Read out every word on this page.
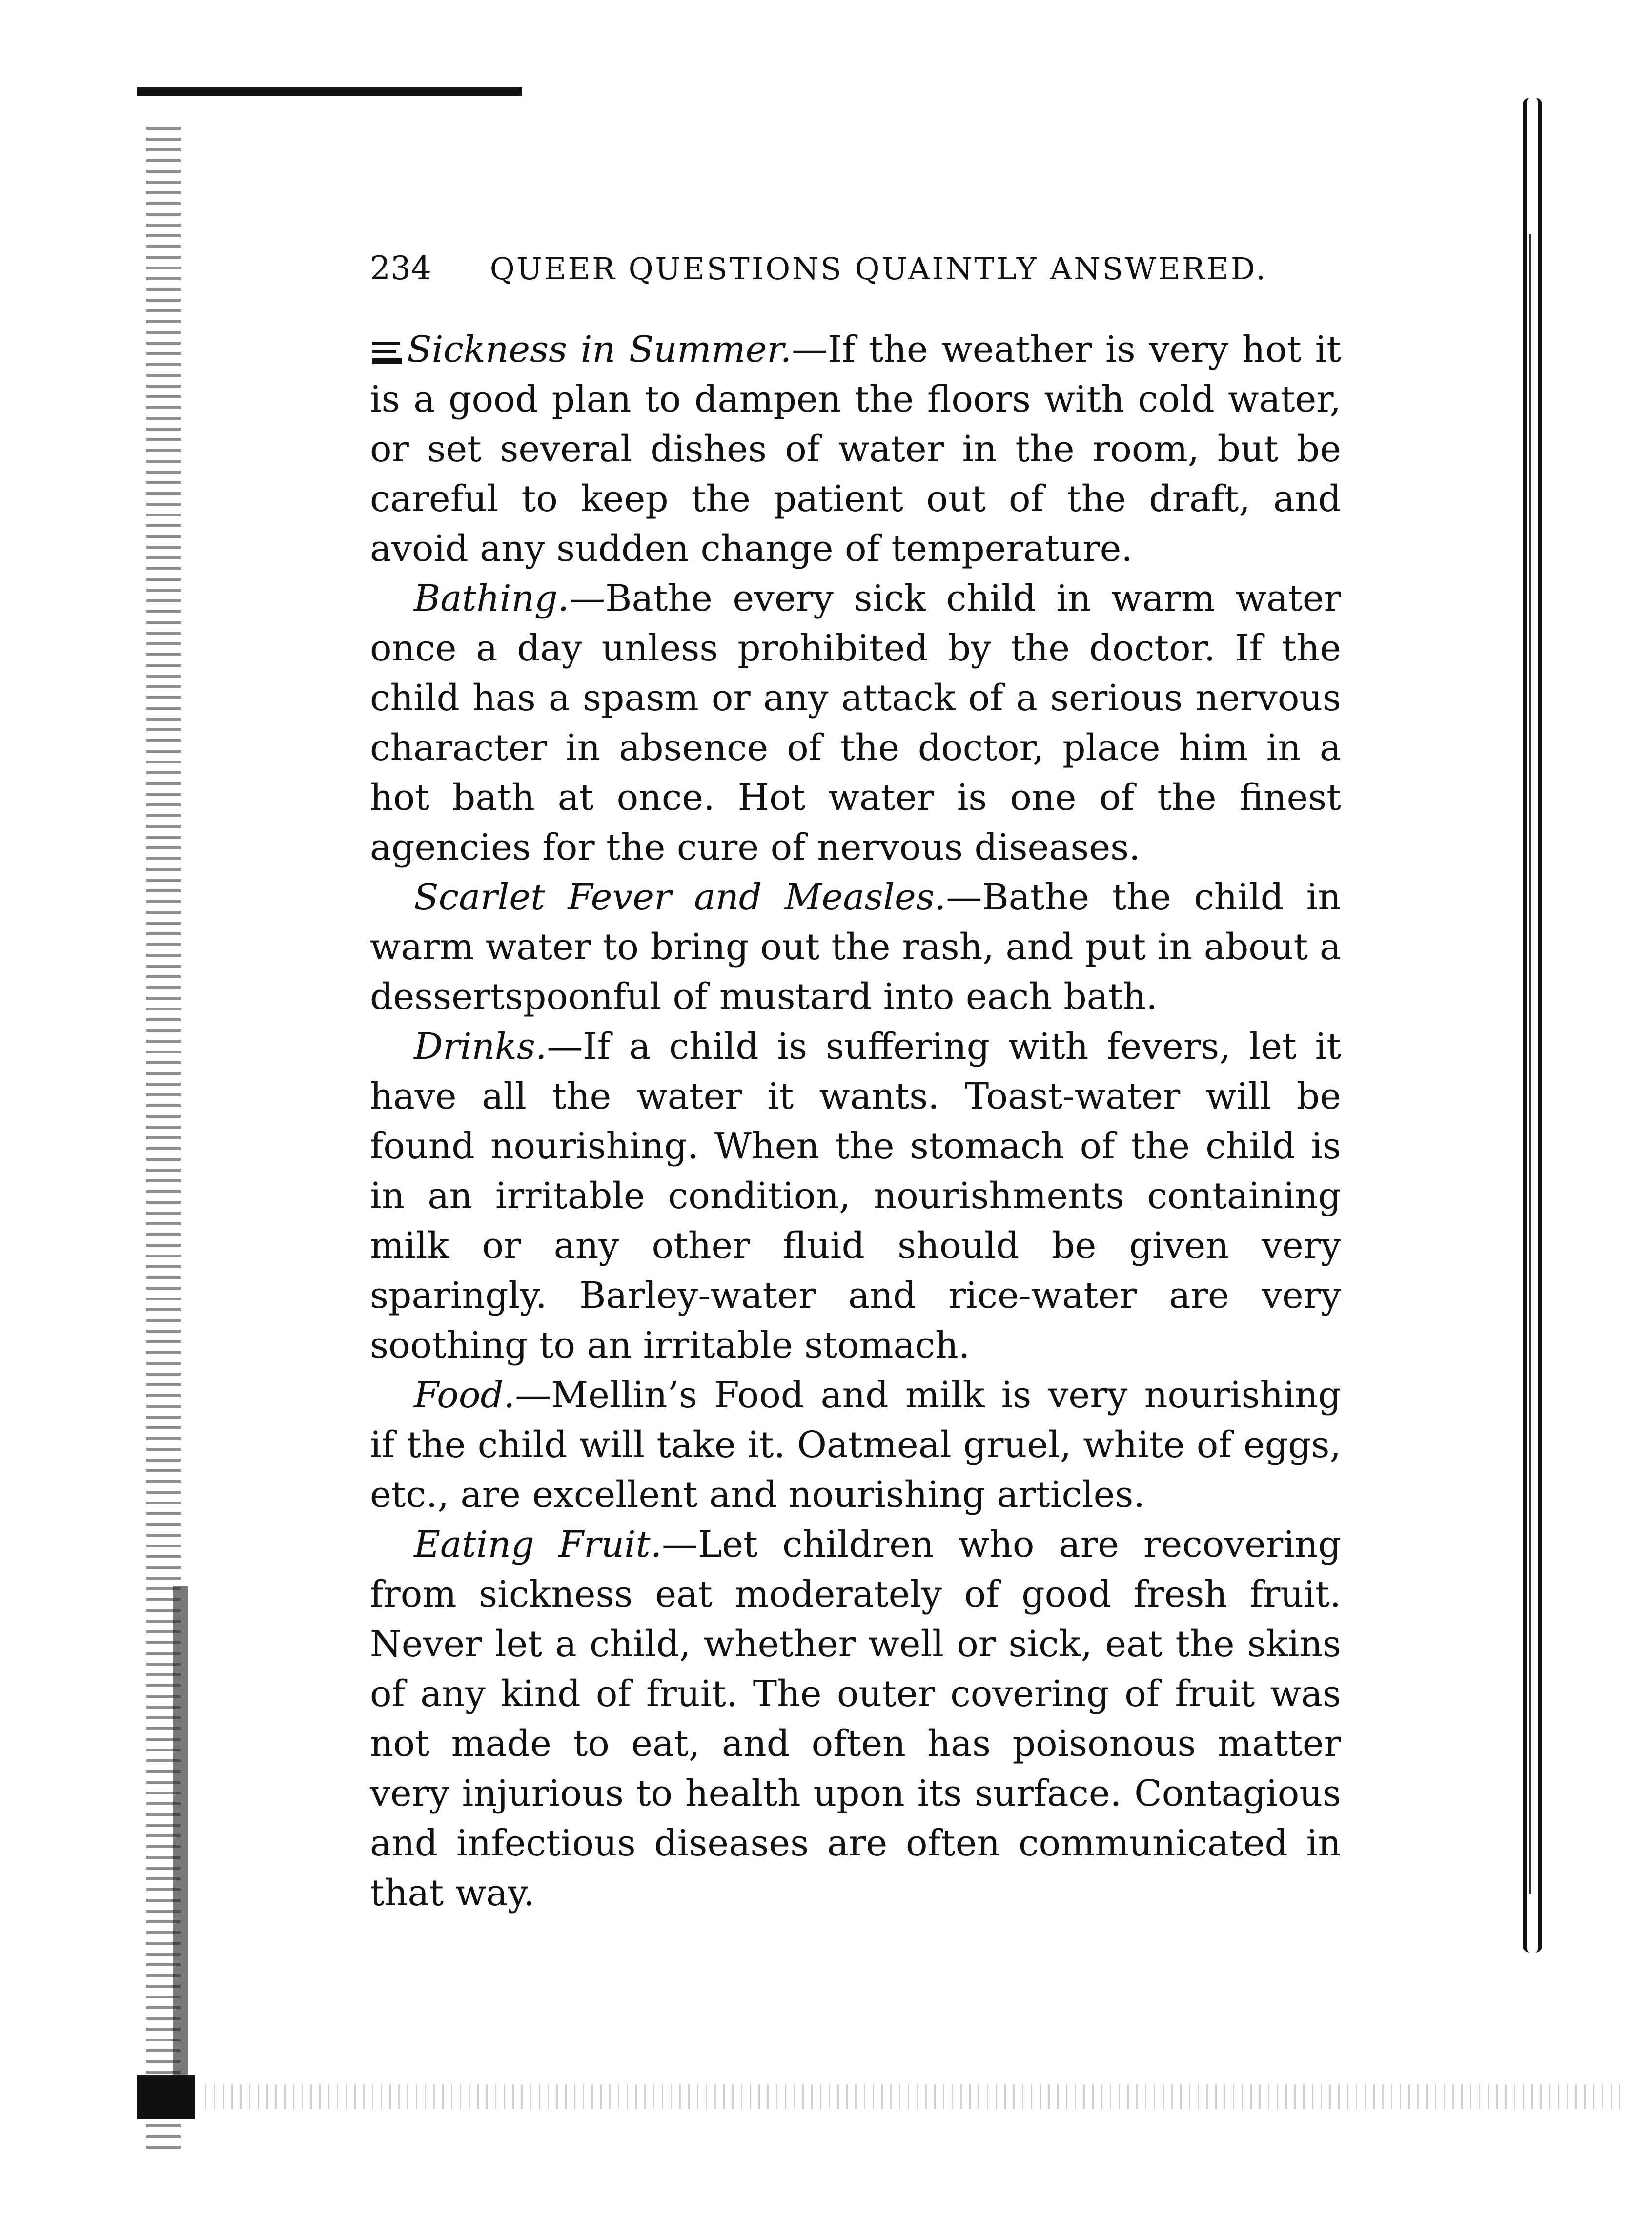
234 QUEER QUESTIONS QUAINTLY ANSWERED.

Sickness in Summer.—If the weather is very hot it is a good plan to dampen the floors with cold water, or set several dishes of water in the room, but be careful to keep the patient out of the draft, and avoid any sudden change of temperature.

Bathing.—Bathe every sick child in warm water once a day unless prohibited by the doctor. If the child has a spasm or any attack of a serious nervous character in absence of the doctor, place him in a hot bath at once. Hot water is one of the finest agencies for the cure of nervous diseases.

Scarlet Fever and Measles.—Bathe the child in warm water to bring out the rash, and put in about a dessertspoonful of mustard into each bath.

Drinks.—If a child is suffering with fevers, let it have all the water it wants. Toast-water will be found nourishing. When the stomach of the child is in an irritable condition, nourishments containing milk or any other fluid should be given very sparingly. Barley-water and rice-water are very soothing to an irritable stomach.

Food.—Mellin’s Food and milk is very nourishing if the child will take it. Oatmeal gruel, white of eggs, etc., are excellent and nourishing articles.

Eating Fruit.—Let children who are recovering from sickness eat moderately of good fresh fruit. Never let a child, whether well or sick, eat the skins of any kind of fruit. The outer covering of fruit was not made to eat, and often has poisonous matter very injurious to health upon its surface. Contagious and infectious diseases are often communicated in that way.
